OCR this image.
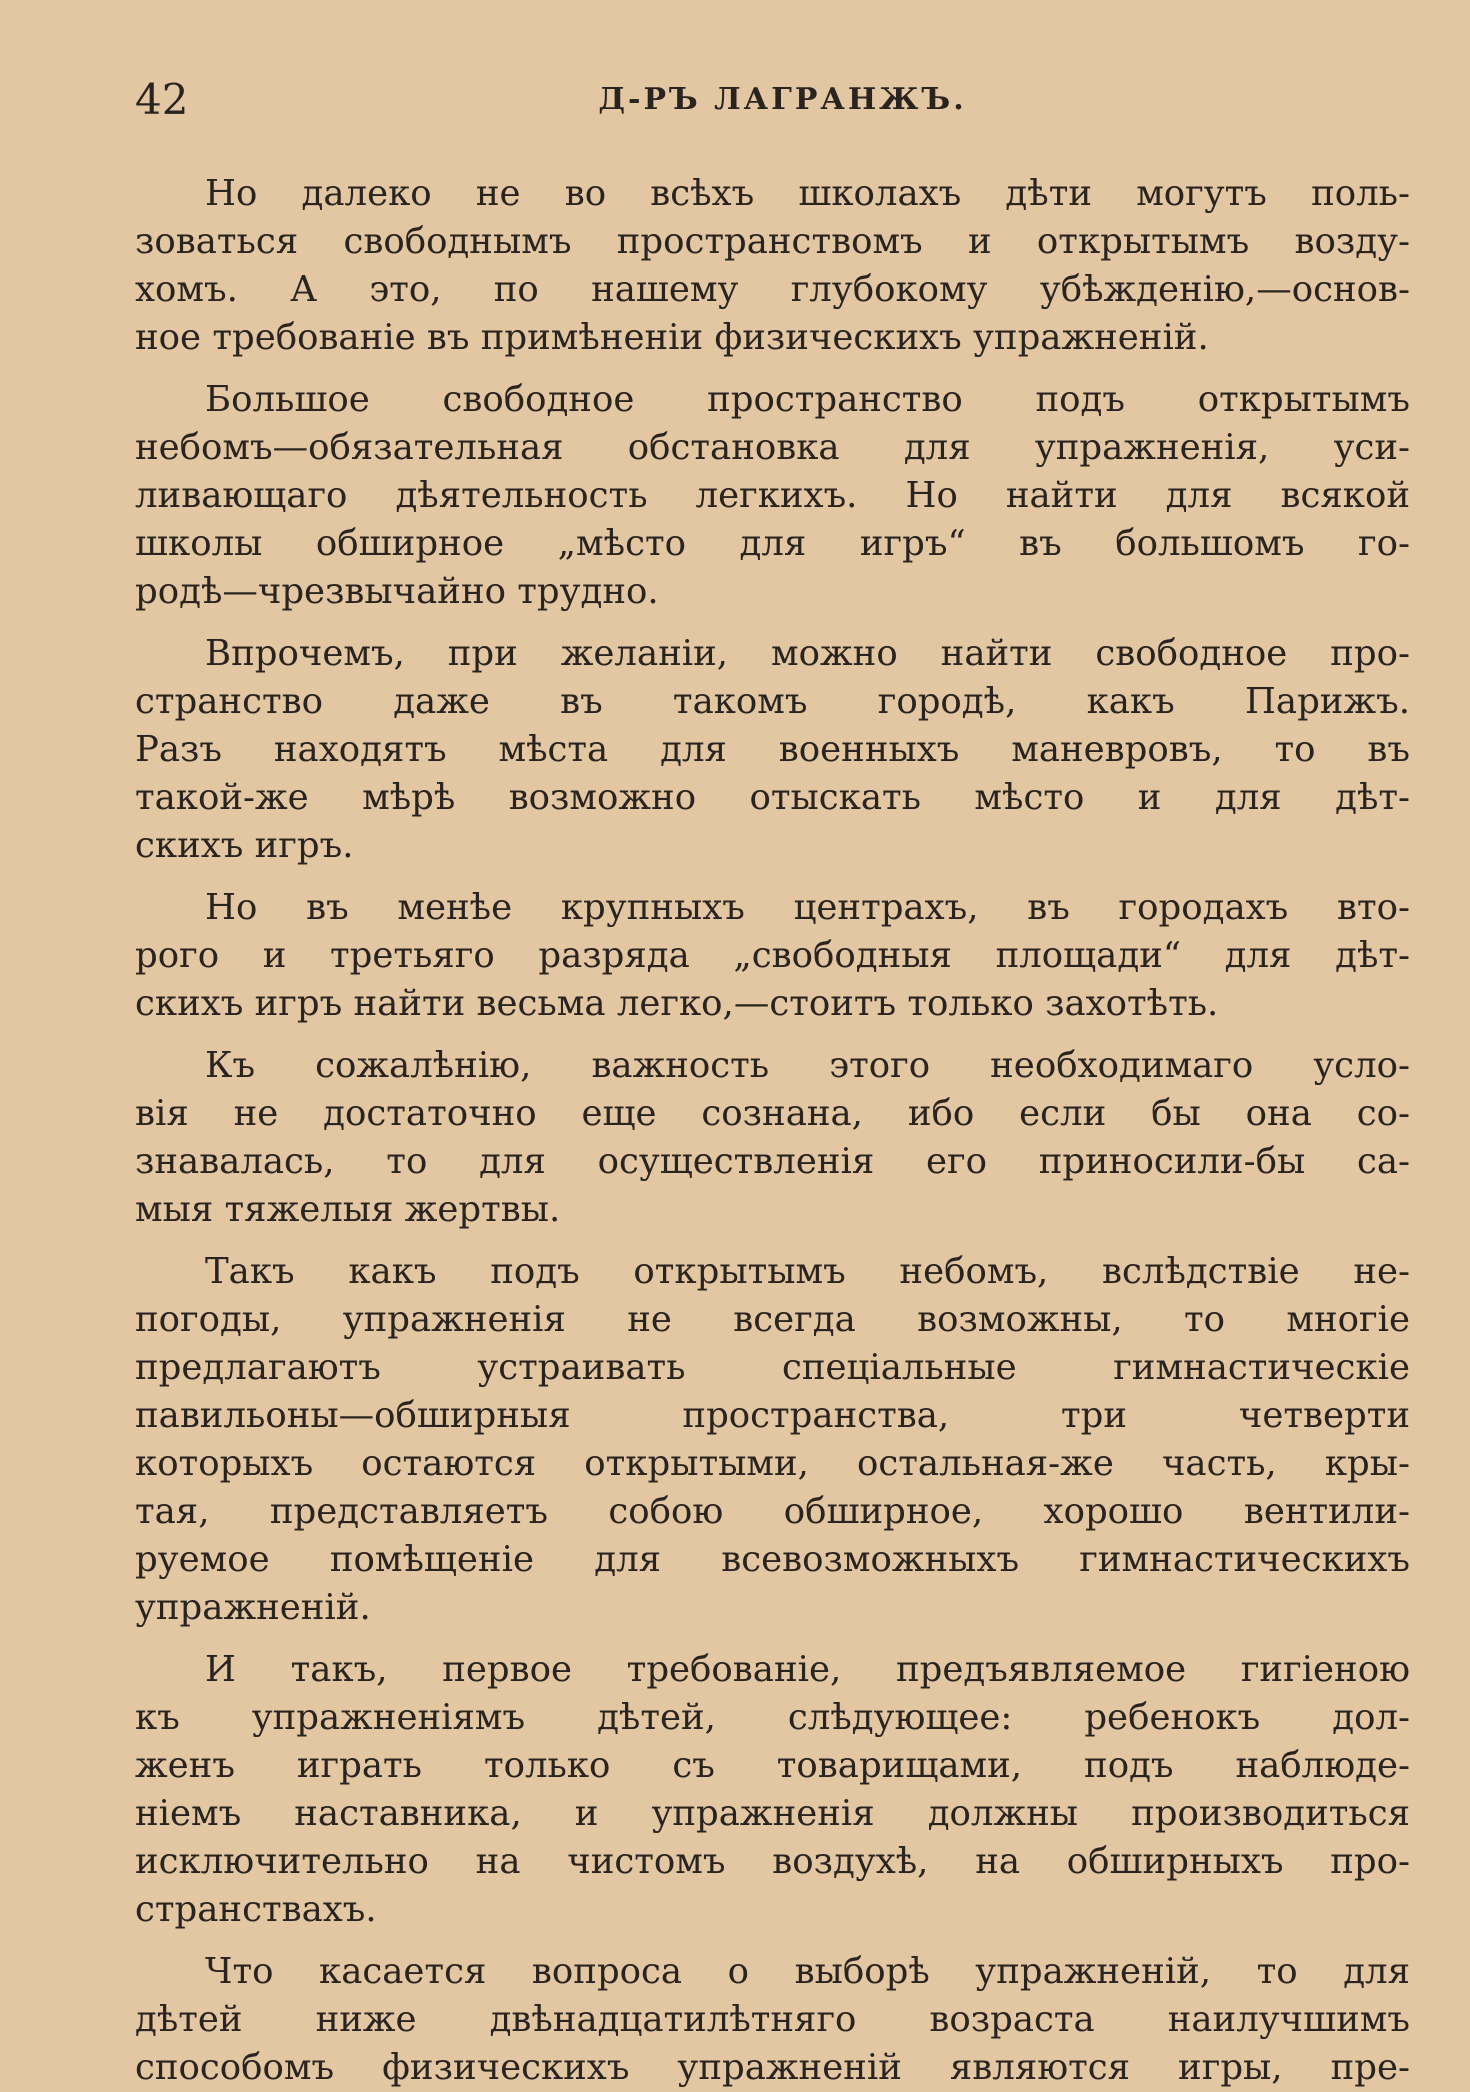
42	Д-РЪ ЛАГРАНЖЪ.
Но далеко не во всѣхъ школахъ дѣти могутъ поль-
зоваться свободнымъ пространствомъ и открытымъ возду-
хомъ. А это, по нашему глубокому убѣжденію,—основ-
ное требованіе въ примѣненіи физическихъ упражненій.
Большое свободное пространство подъ открытымъ
небомъ—обязательная обстановка для упражненія, уси-
ливающаго дѣятельность легкихъ. Но найти для всякой
школы обширное „мѣсто для игръ“ въ большомъ го-
родѣ—чрезвычайно трудно.
Впрочемъ, при желаніи, можно найти свободное про-
странство даже въ такомъ городѣ, какъ Парижъ.
Разъ находятъ мѣста для военныхъ маневровъ, то въ
такой-же мѣрѣ возможно отыскать мѣсто и для дѣт-
скихъ игръ.
Но въ менѣе крупныхъ центрахъ, въ городахъ вто-
рого и третьяго разряда „свободныя площади“ для дѣт-
скихъ игръ найти весьма легко,—стоитъ только захотѣть.
Къ сожалѣнію, важность этого необходимаго усло-
вія не достаточно еще сознана, ибо если бы она со-
знавалась, то для осуществленія его приносили-бы са-
мыя тяжелыя жертвы.
Такъ какъ подъ открытымъ небомъ, вслѣдствіе не-
погоды, упражненія не всегда возможны, то многіе
предлагаютъ устраивать спеціальные гимнастическіе
павильоны—обширныя пространства, три четверти
которыхъ остаются открытыми, остальная-же часть, кры-
тая, представляетъ собою обширное, хорошо вентили-
руемое помѣщеніе для всевозможныхъ гимнастическихъ
упражненій.
И такъ, первое требованіе, предъявляемое гигіеною
къ упражненіямъ дѣтей, слѣдующее: ребенокъ дол-
женъ играть только съ товарищами, подъ наблюде-
ніемъ наставника, и упражненія должны производиться
исключительно на чистомъ воздухѣ, на обширныхъ про-
странствахъ.
Что касается вопроса о выборѣ упражненій, то для
дѣтей ниже двѣнадцатилѣтняго возраста наилучшимъ
способомъ физическихъ упражненій являются игры, пре-
